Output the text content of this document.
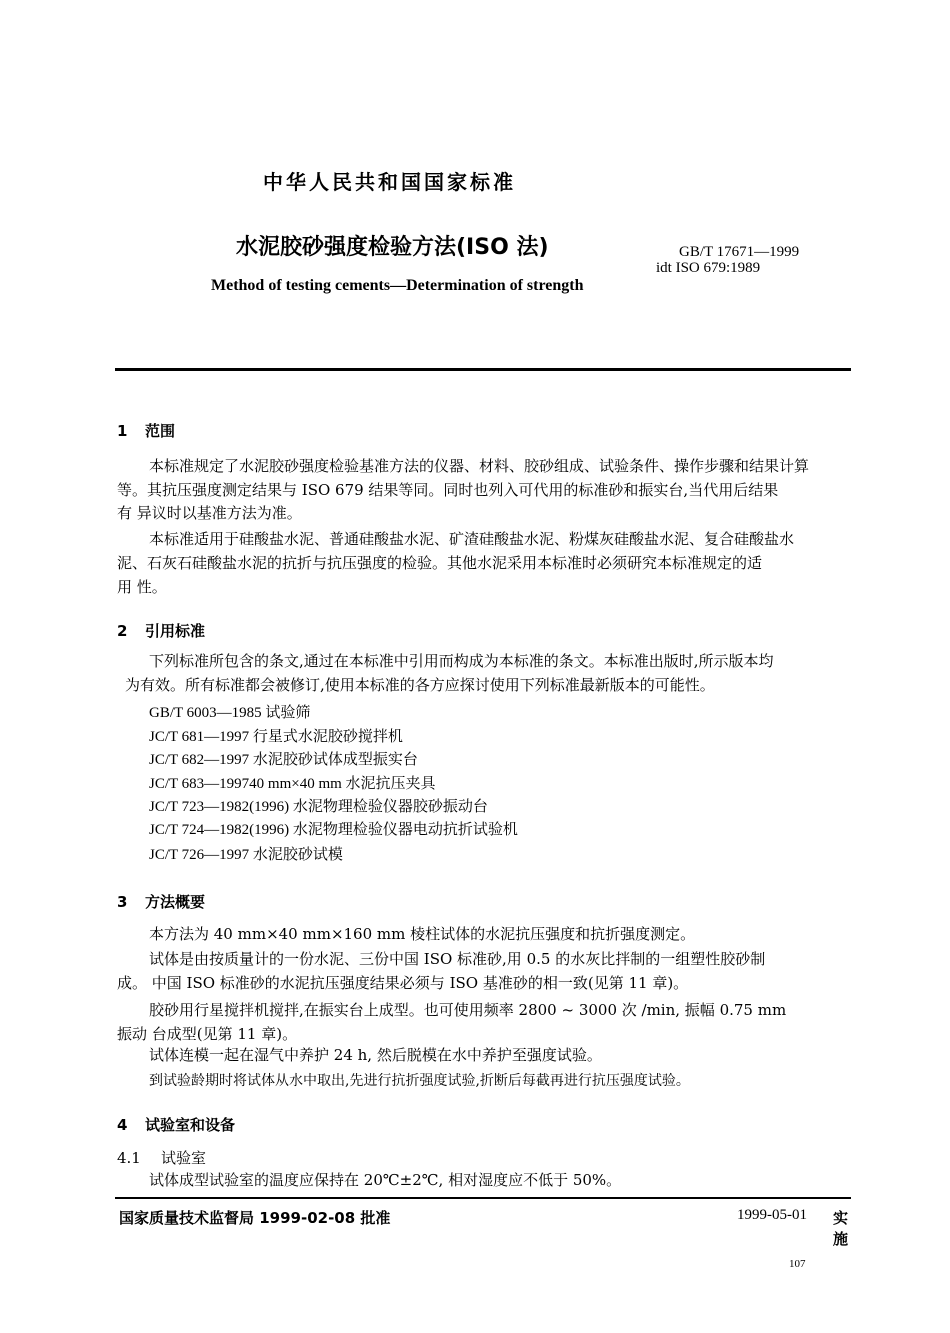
中华人民共和国国家标准
水泥胶砂强度检验方法(ISO 法)
Method of testing cements—Determination of strength
GB/T 17671—1999
idt ISO 679:1989
1 范围
本标准规定了水泥胶砂强度检验基准方法的仪器、材料、胶砂组成、试验条件、操作步骤和结果计算
等。其抗压强度测定结果与 ISO 679 结果等同。同时也列入可代用的标准砂和振实台,当代用后结果
有 异议时以基准方法为准。
本标准适用于硅酸盐水泥、普通硅酸盐水泥、矿渣硅酸盐水泥、粉煤灰硅酸盐水泥、复合硅酸盐水
泥、石灰石硅酸盐水泥的抗折与抗压强度的检验。其他水泥采用本标准时必须研究本标准规定的适
用 性。
2 引用标准
下列标准所包含的条文,通过在本标准中引用而构成为本标准的条文。本标准出版时,所示版本均
为有效。所有标准都会被修订,使用本标准的各方应探讨使用下列标准最新版本的可能性。
GB/T 6003—1985 试验筛
JC/T 681—1997 行星式水泥胶砂搅拌机
JC/T 682—1997 水泥胶砂试体成型振实台
JC/T 683—199740 mm×40 mm 水泥抗压夹具
JC/T 723—1982(1996) 水泥物理检验仪器胶砂振动台
JC/T 724—1982(1996) 水泥物理检验仪器电动抗折试验机
JC/T 726—1997 水泥胶砂试模
3 方法概要
本方法为 40 mm×40 mm×160 mm 棱柱试体的水泥抗压强度和抗折强度测定。
试体是由按质量计的一份水泥、三份中国 ISO 标准砂,用 0.5 的水灰比拌制的一组塑性胶砂制
成。 中国 ISO 标准砂的水泥抗压强度结果必须与 ISO 基准砂的相一致(见第 11 章)。
胶砂用行星搅拌机搅拌,在振实台上成型。也可使用频率 2800 ~ 3000 次 /min, 振幅 0.75 mm
振动 台成型(见第 11 章)。
试体连模一起在湿气中养护 24 h, 然后脱模在水中养护至强度试验。
到试验龄期时将试体从水中取出,先进行抗折强度试验,折断后每截再进行抗压强度试验。
4 试验室和设备
4.1 试验室
试体成型试验室的温度应保持在 20℃±2℃, 相对湿度应不低于 50%。
国家质量技术监督局 1999-02-08 批准	1999-05-01 实
施
107
